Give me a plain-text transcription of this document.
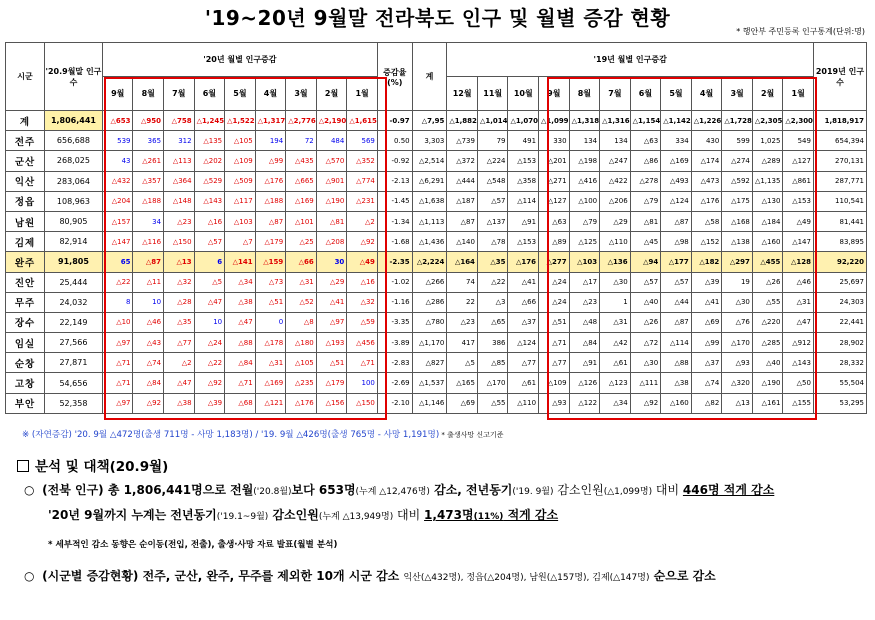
'19~20년 9월말 전라북도 인구 및 월별 증감 현황
* 행안부 주민등록 인구통계(단위:명)
시군	'20.9월말 인구수	'20년 월별 인구증감									증감율 (%)	계	'19년 월별 인구증감												2019년 인구수
		9월	8월	7월	6월	5월	4월	3월	2월	1월			12월	11월	10월	9월	8월	7월	6월	5월	4월	3월	2월	1월	
계	1,806,441	△653	△950	△758	△1,245	△1,522	△1,317	△2,776	△2,190	△1,615	-0.97	△7,95	△1,882	△1,014	△1,070	△1,099	△1,318	△1,316	△1,154	△1,142	△1,226	△1,728	△2,305	△2,300	1,818,917
전주	656,688	539	365	312	△135	△105	194	72	484	569	0.50	3,303	△739	79	491	330	134	134	△63	334	430	599	1,025	549	654,394
군산	268,025	43	△261	△113	△202	△109	△99	△435	△570	△352	-0.92	△2,514	△372	△224	△153	△201	△198	△247	△86	△169	△174	△274	△289	△127	270,131
익산	283,064	△432	△357	△364	△529	△509	△176	△665	△901	△774	-2.13	△6,291	△444	△548	△358	△271	△416	△422	△278	△493	△473	△592	△1,135	△861	287,771
정읍	108,963	△204	△188	△148	△143	△117	△188	△169	△190	△231	-1.45	△1,638	△187	△57	△114	△127	△100	△206	△79	△124	△176	△175	△130	△153	110,541
남원	80,905	△157	34	△23	△16	△103	△87	△101	△81	△2	-1.34	△1,113	△87	△137	△91	△63	△79	△29	△81	△87	△58	△168	△184	△49	81,441
김제	82,914	△147	△116	△150	△57	△7	△179	△25	△208	△92	-1.68	△1,436	△140	△78	△153	△89	△125	△110	△45	△98	△152	△138	△160	△147	83,895
완주	91,805	65	△87	△13	6	△141	△159	△66	30	△49	-2.35	△2,224	△164	△35	△176	△277	△103	△136	△94	△177	△182	△297	△455	△128	92,220
진안	25,444	△22	△11	△32	△5	△34	△73	△31	△29	△16	-1.02	△266	74	△22	△41	△24	△17	△30	△57	△57	△39	19	△26	△46	25,697
무주	24,032	8	10	△28	△47	△38	△51	△52	△41	△32	-1.16	△286	22	△3	△66	△24	△23	1	△40	△44	△41	△30	△55	△31	24,303
장수	22,149	△10	△46	△35	10	△47	0	△8	△97	△59	-3.35	△780	△23	△65	△37	△51	△48	△31	△26	△87	△69	△76	△220	△47	22,441
임실	27,566	△97	△43	△77	△24	△88	△178	△180	△193	△456	-3.89	△1,170	417	386	△124	△71	△84	△42	△72	△114	△99	△170	△285	△912	28,902
순창	27,871	△71	△74	△2	△22	△84	△31	△105	△51	△71	-2.83	△827	△5	△85	△77	△77	△91	△61	△30	△88	△37	△93	△40	△143	28,332
고창	54,656	△71	△84	△47	△92	△71	△169	△235	△179	100	-2.69	△1,537	△165	△170	△61	△109	△126	△123	△111	△38	△74	△320	△190	△50	55,504
부안	52,358	△97	△92	△38	△39	△68	△121	△176	△156	△150	-2.10	△1,146	△69	△55	△110	△93	△122	△34	△92	△160	△82	△13	△161	△155	53,295
※ (자연증감) '20. 9월 △472명(출생 711명 - 사망 1,183명) / '19. 9월 △426명(출생 765명 - 사망 1,191명) * 출생사망 신고기준
분석 및 대책(20.9월)
○ (전북 인구) 총 1,806,441명으로 전월('20.8월)보다 653명(누계 △12,476명) 감소, 전년동기('19. 9월) 감소인원(△1,099명) 대비 446명 적게 감소
'20년 9월까지 누계는 전년동기('19.1~9월) 감소인원(누계 △13,949명) 대비 1,473명(11%) 적게 감소
* 세부적인 감소 동향은 순이동(전입, 전출), 출생·사망 자료 발표(월별 분석)
○ (시군별 증감현황) 전주, 군산, 완주, 무주를 제외한 10개 시군 감소 익산(△432명), 정읍(△204명), 남원(△157명), 김제(△147명) 순으로 감소
